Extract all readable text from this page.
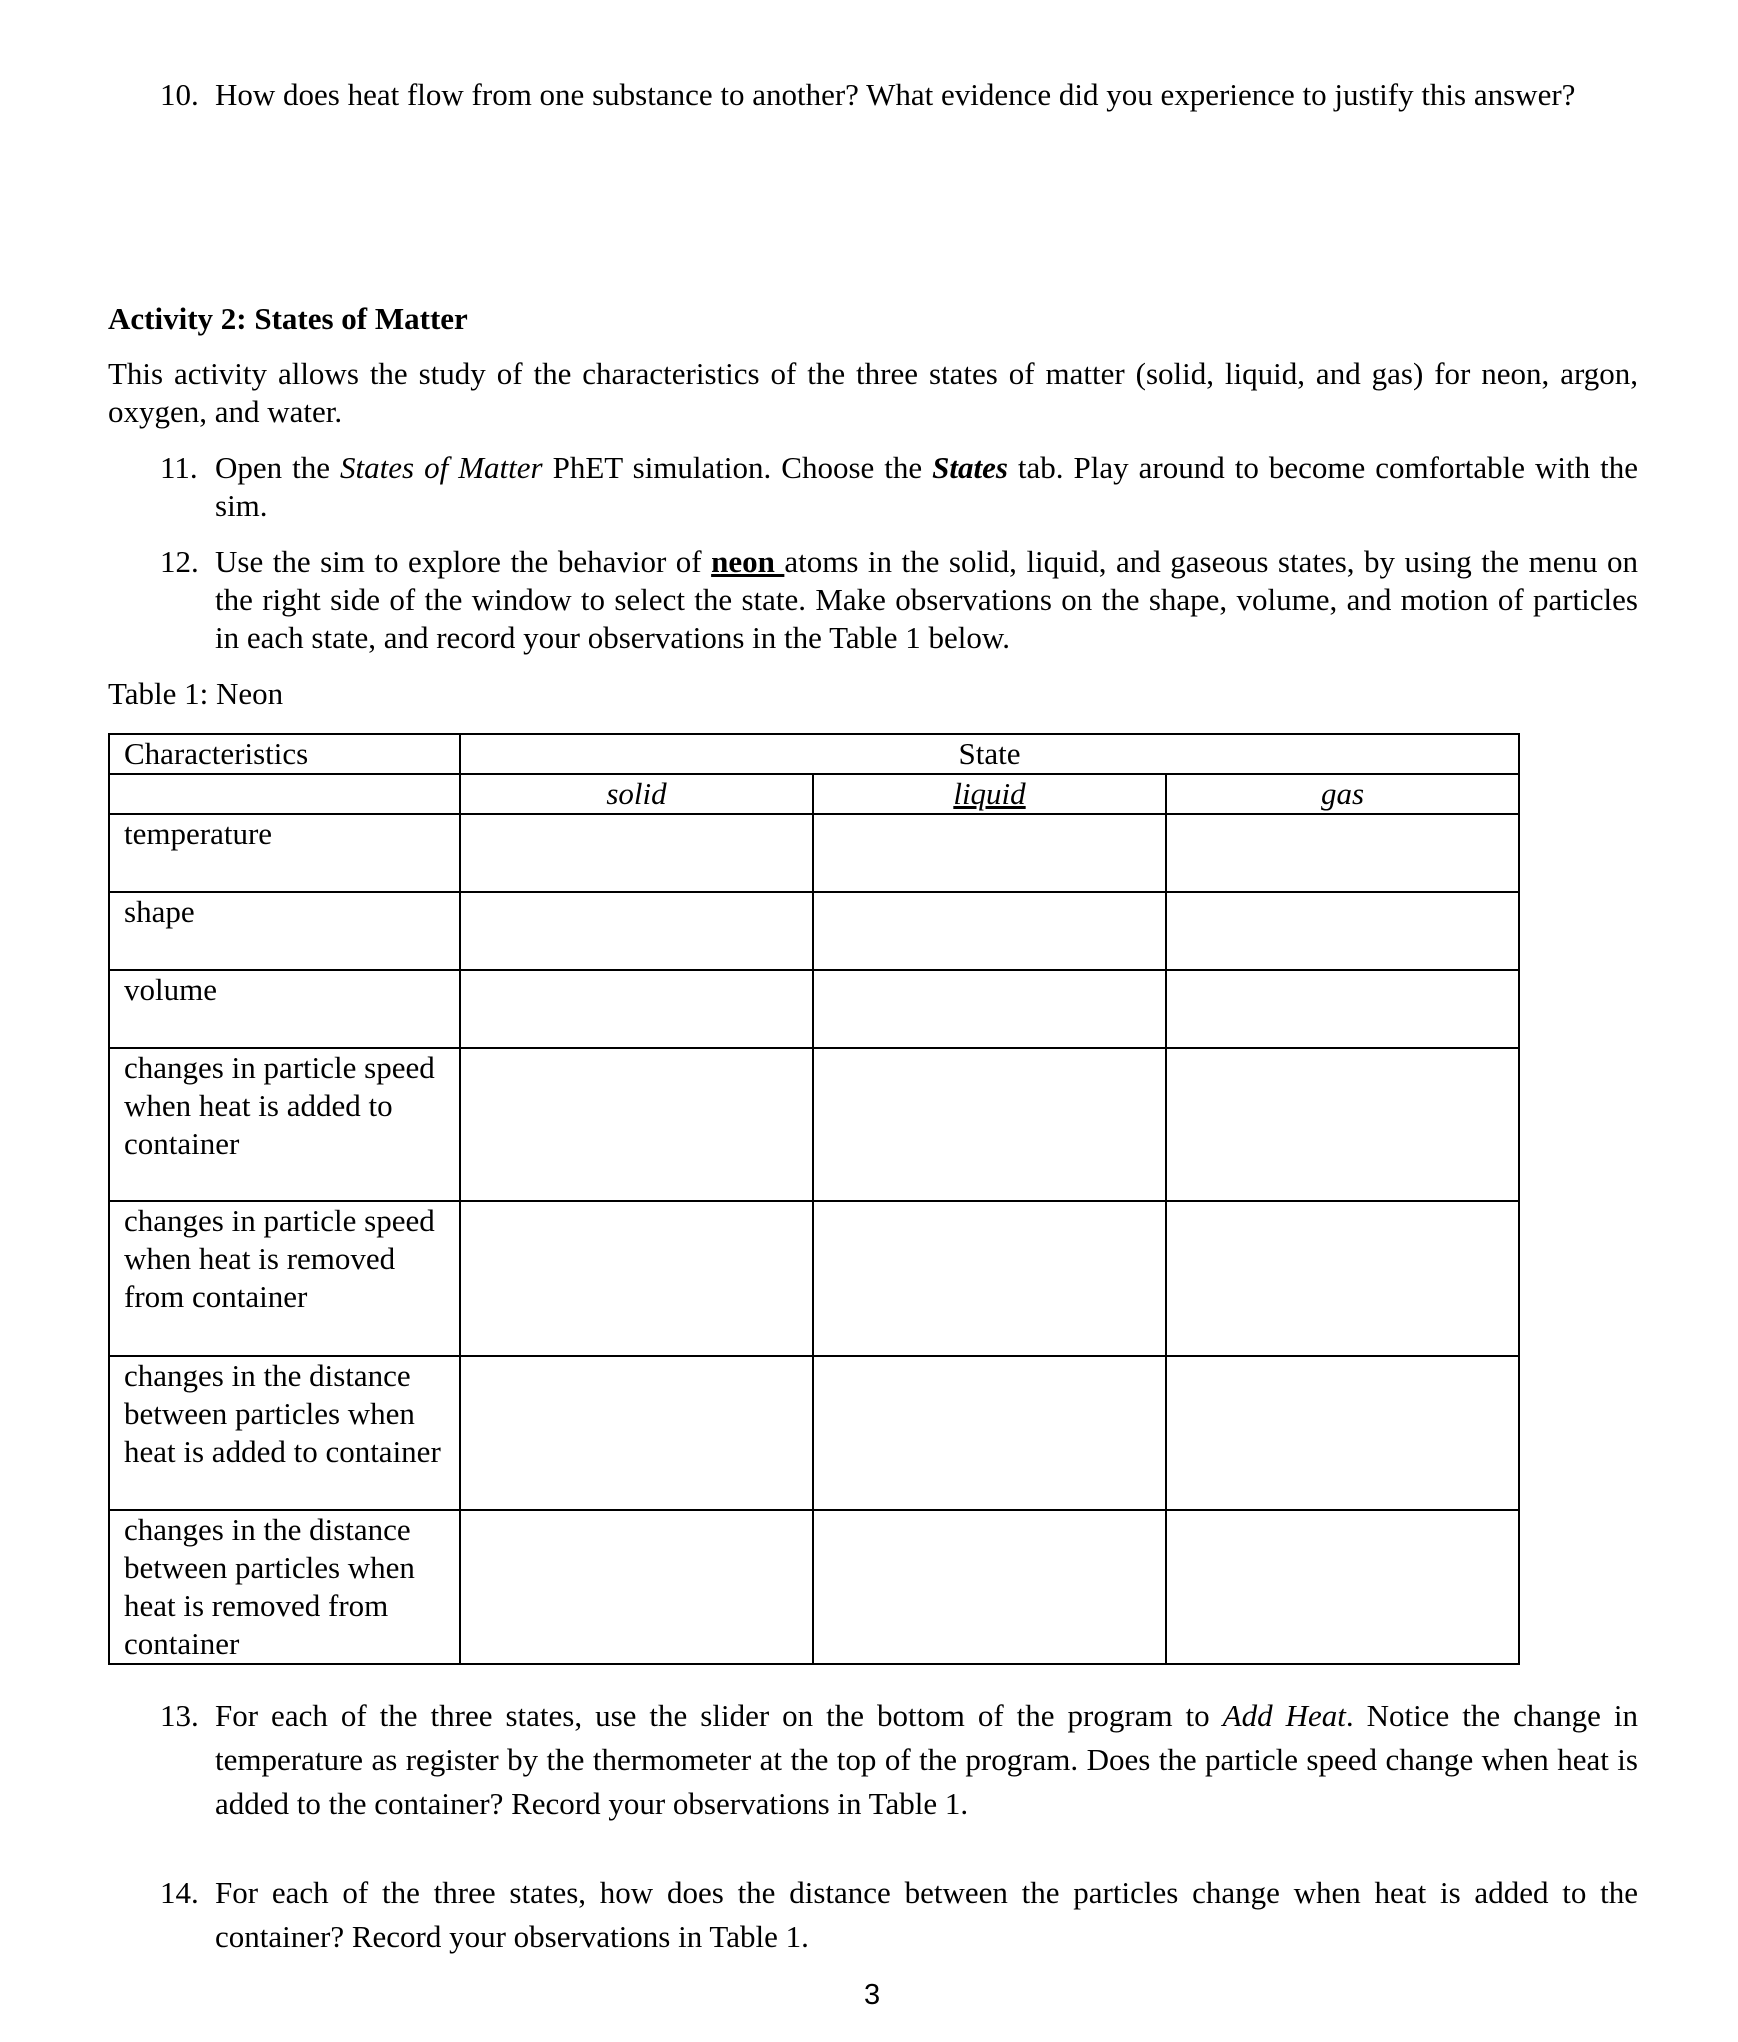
10. How does heat flow from one substance to another? What evidence did you experience to justify this answer?
Activity 2: States of Matter
This activity allows the study of the characteristics of the three states of matter (solid, liquid, and gas) for neon, argon, oxygen, and water.
11. Open the States of Matter PhET simulation. Choose the States tab. Play around to become comfortable with the sim.
12. Use the sim to explore the behavior of neon atoms in the solid, liquid, and gaseous states, by using the menu on the right side of the window to select the state. Make observations on the shape, volume, and motion of particles in each state, and record your observations in the Table 1 below.
Table 1: Neon
Characteristics	State		
	solid	liquid	gas
temperature			
shape			
volume			
changes in particle speed when heat is added to container			
changes in particle speed when heat is removed from container			
changes in the distance between particles when heat is added to container			
changes in the distance between particles when heat is removed from container			
13. For each of the three states, use the slider on the bottom of the program to Add Heat. Notice the change in temperature as register by the thermometer at the top of the program. Does the particle speed change when heat is added to the container? Record your observations in Table 1.
14. For each of the three states, how does the distance between the particles change when heat is added to the container? Record your observations in Table 1.
3
